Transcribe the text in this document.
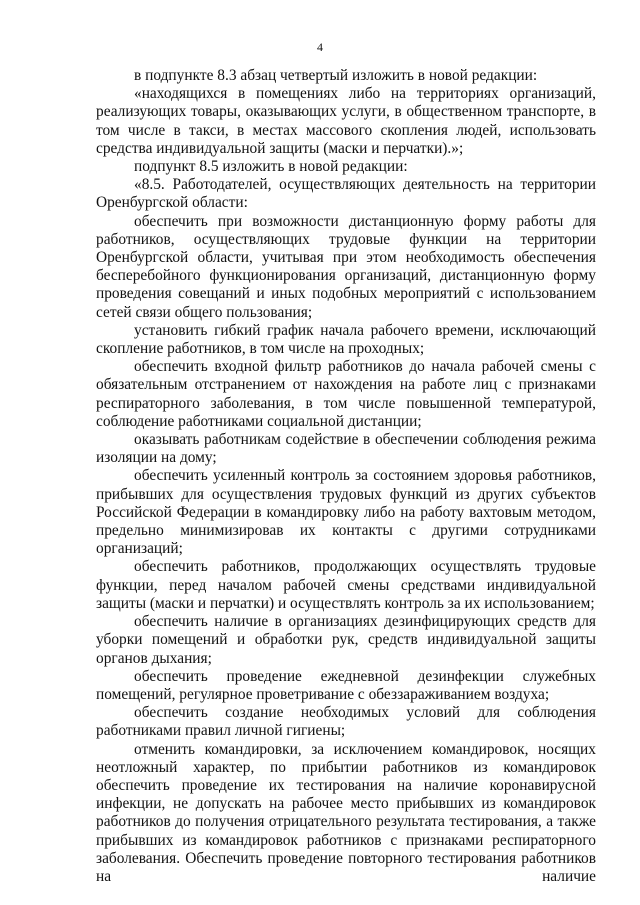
4

в подпункте 8.3 абзац четвертый изложить в новой редакции:

«находящихся в помещениях либо на территориях организаций, реализующих товары, оказывающих услуги, в общественном транспорте, в том числе в такси, в местах массового скопления людей, использовать средства индивидуальной защиты (маски и перчатки).»;

подпункт 8.5 изложить в новой редакции:

«8.5. Работодателей, осуществляющих деятельность на территории Оренбургской области:

обеспечить при возможности дистанционную форму работы для работников, осуществляющих трудовые функции на территории Оренбургской области, учитывая при этом необходимость обеспечения бесперебойного функционирования организаций, дистанционную форму проведения совещаний и иных подобных мероприятий с использованием сетей связи общего пользования;

установить гибкий график начала рабочего времени, исключающий скопление работников, в том числе на проходных;

обеспечить входной фильтр работников до начала рабочей смены с обязательным отстранением от нахождения на работе лиц с признаками респираторного заболевания, в том числе повышенной температурой, соблюдение работниками социальной дистанции;

оказывать работникам содействие в обеспечении соблюдения режима изоляции на дому;

обеспечить усиленный контроль за состоянием здоровья работников, прибывших для осуществления трудовых функций из других субъектов Российской Федерации в командировку либо на работу вахтовым методом, предельно минимизировав их контакты с другими сотрудниками организаций;

обеспечить работников, продолжающих осуществлять трудовые функции, перед началом рабочей смены средствами индивидуальной защиты (маски и перчатки) и осуществлять контроль за их использованием;

обеспечить наличие в организациях дезинфицирующих средств для уборки помещений и обработки рук, средств индивидуальной защиты органов дыхания;

обеспечить проведение ежедневной дезинфекции служебных помещений, регулярное проветривание с обеззараживанием воздуха;

обеспечить создание необходимых условий для соблюдения работниками правил личной гигиены;

отменить командировки, за исключением командировок, носящих неотложный характер, по прибытии работников из командировок обеспечить проведение их тестирования на наличие коронавирусной инфекции, не допускать на рабочее место прибывших из командировок работников до получения отрицательного результата тестирования, а также прибывших из командировок работников с признаками респираторного заболевания. Обеспечить проведение повторного тестирования работников на наличие
